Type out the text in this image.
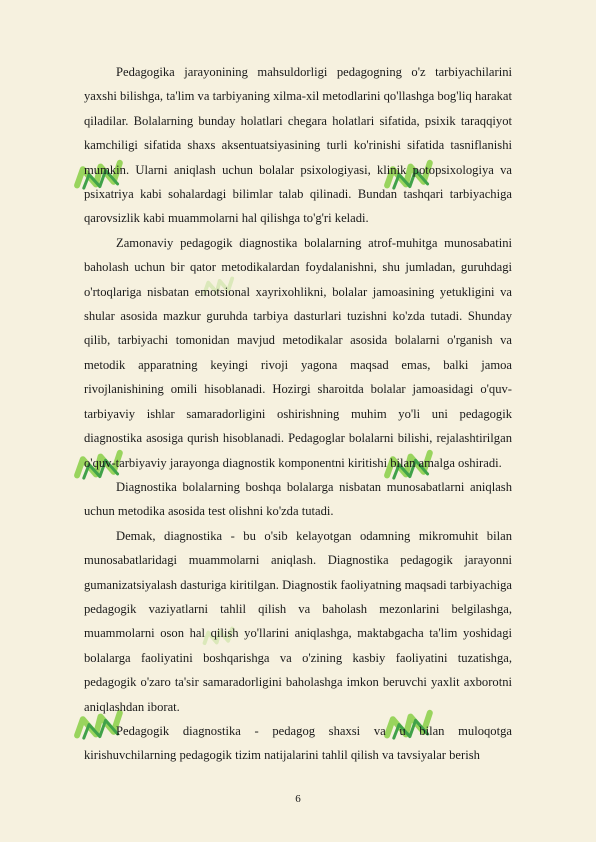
Pedagogika jarayonining mahsuldorligi pedagogning o'z tarbiyachilarini yaxshi bilishga, ta'lim va tarbiyaning xilma-xil metodlarini qo'llashga bog'liq harakat qiladilar. Bolalarning bunday holatlari chegara holatlari sifatida, psixik taraqqiyot kamchiligi sifatida shaxs aksentuatsiyasining turli ko'rinishi sifatida tasniflanishi mumkin. Ularni aniqlash uchun bolalar psixologiyasi, klinik potopsixologiya va psixatriya kabi sohalardagi bilimlar talab qilinadi. Bundan tashqari tarbiyachiga qarovsizlik kabi muammolarni hal qilishga to'g'ri keladi.

Zamonaviy pedagogik diagnostika bolalarning atrof-muhitga munosabatini baholash uchun bir qator metodikalardan foydalanishni, shu jumladan, guruhdagi o'rtoqlariga nisbatan emotsional xayrixohlikni, bolalar jamoasining yetukligini va shular asosida mazkur guruhda tarbiya dasturlari tuzishni ko'zda tutadi. Shunday qilib, tarbiyachi tomonidan mavjud metodikalar asosida bolalarni o'rganish va metodik apparatning keyingi rivoji yagona maqsad emas, balki jamoa rivojlanishining omili hisoblanadi. Hozirgi sharoitda bolalar jamoasidagi o'quv-tarbiyaviy ishlar samaradorligini oshirishning muhim yo'li uni pedagogik diagnostika asosiga qurish hisoblanadi. Pedagoglar bolalarni bilishi, rejalashtirilgan o'quv-tarbiyaviy jarayonga diagnostik komponentni kiritishi bilan amalga oshiradi.

Diagnostika bolalarning boshqa bolalarga nisbatan munosabatlarni aniqlash uchun metodika asosida test olishni ko'zda tutadi.

Demak, diagnostika - bu o'sib kelayotgan odamning mikromuhit bilan munosabatlaridagi muammolarni aniqlash. Diagnostika pedagogik jarayonni gumanizatsiyalash dasturiga kiritilgan. Diagnostik faoliyatning maqsadi tarbiyachiga pedagogik vaziyatlarni tahlil qilish va baholash mezonlarini belgilashga, muammolarni oson hal qilish yo'llarini aniqlashga, maktabgacha ta'lim yoshidagi bolalarga faoliyatini boshqarishga va o'zining kasbiy faoliyatini tuzatishga, pedagogik o'zaro ta'sir samaradorligini baholashga imkon beruvchi yaxlit axborotni aniqlashdan iborat.

Pedagogik diagnostika - pedagog shaxsi va u bilan muloqotga kirishuvchilarning pedagogik tizim natijalarini tahlil qilish va tavsiyalar berish

6
